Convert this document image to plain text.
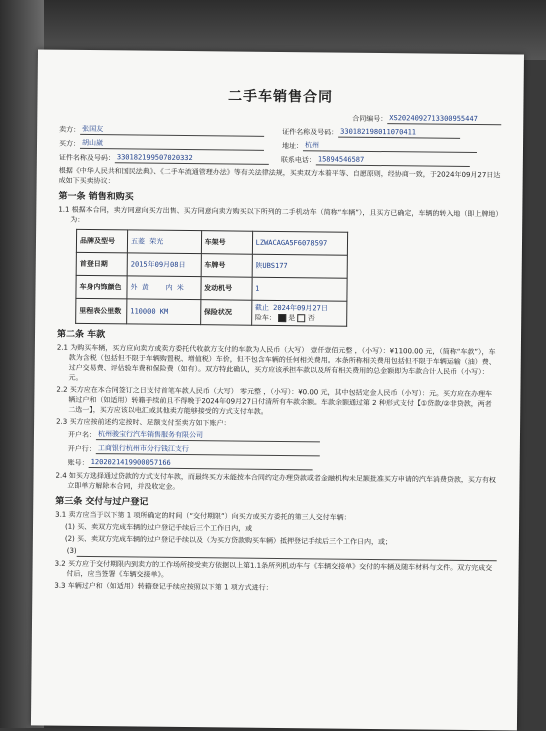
二手车销售合同
合同编号： XS2024092713300955447
卖方： 张国友	证件名称及号码： 330182198011070411
买方： 胡山崴	地址： 杭州
证件名称及号码： 330182199507020332	联系电话： 15894546587
根据《中华人民共和国民法典》、《二手车流通管理办法》等有关法律法规，买卖双方本着平等、自愿原则，经协商一致，于2024年09月27日达成如下买卖协议：
第一条 销售和购买
1.1 根据本合同，卖方同意向买方出售、买方同意向卖方购买以下所列的二手机动车（简称“车辆”），且买方已确定，车辆的转入地（即上牌地）为：
品牌及型号	五菱 荣光	车架号	LZWACAGA5F6078597
首登日期	2015年09月08日	车牌号	陕UBS177
车身内饰颜色	外 黄 内 米	发动机号	1
里程表公里数	110000 KM	保险状况	截止 2024年09月27日
险车： 是 否
第二条 车款
2.1 为购买车辆，买方应向卖方或卖方委托代收款方支付的车款为人民币（大写） 壹仟壹佰元整 ，（小写）：¥1100.00 元，（简称“车款”），车款为含税（包括但不限于车辆购置税、增值税）车价，但不包含车辆的任何相关费用。本条所称相关费用包括但不限于车辆运输（油）费、过户交易费、评估验车费和保险费（如有）。双方特此确认，买方应该承担车款以及所有相关费用的总金额即为车款合计人民币（小写）：元。
2.2 买方应在本合同签订之日支付首笔车款人民币（大写） 零元整 ，（小写）：¥0.00 元，其中包括定金人民币（小写）：元。买方应在办理车辆过户和（如适用）转籍手续前且不得晚于2024年09月27日付清所有车款余额。车款余额通过第 2 种形式支付【①贷款/②非贷款，两者二选一】，买方应该以电汇或其他卖方能够接受的方式支付车款。
2.3 买方应按前述约定按时、足额支付至卖方如下账户：
开户名： 杭州骏宝行汽车销售服务有限公司
开户行： 工商银行杭州市分行钱江支行
账号： 1202021419900057166
2.4 如买方选择通过贷款的方式支付车款，而最终买方未能按本合同约定办理贷款或者金融机构未足额批准买方申请的汽车消费贷款，买方有权立即单方解除本合同，并没收定金。
第三条 交付与过户登记
3.1 卖方应当于以下第 1 项所确定的时间（“交付期限”）向买方或买方委托的第三人交付车辆：
(1) 买、卖双方完成车辆的过户登记手续后三个工作日内，或
(2) 买、卖双方完成车辆的过户登记手续以及（为买方贷款购买车辆）抵押登记手续后三个工作日内，或；
(3)
3.2 买方应于交付期限内到卖方的工作场所接受卖方依据以上第1.1条所列机动车与《车辆交接单》交付的车辆及随车材料与文件。双方完成交付后，应当签署《车辆交接单》。
3.3 车辆过户和（如适用）转籍登记手续应按照以下第 1 项方式进行：
